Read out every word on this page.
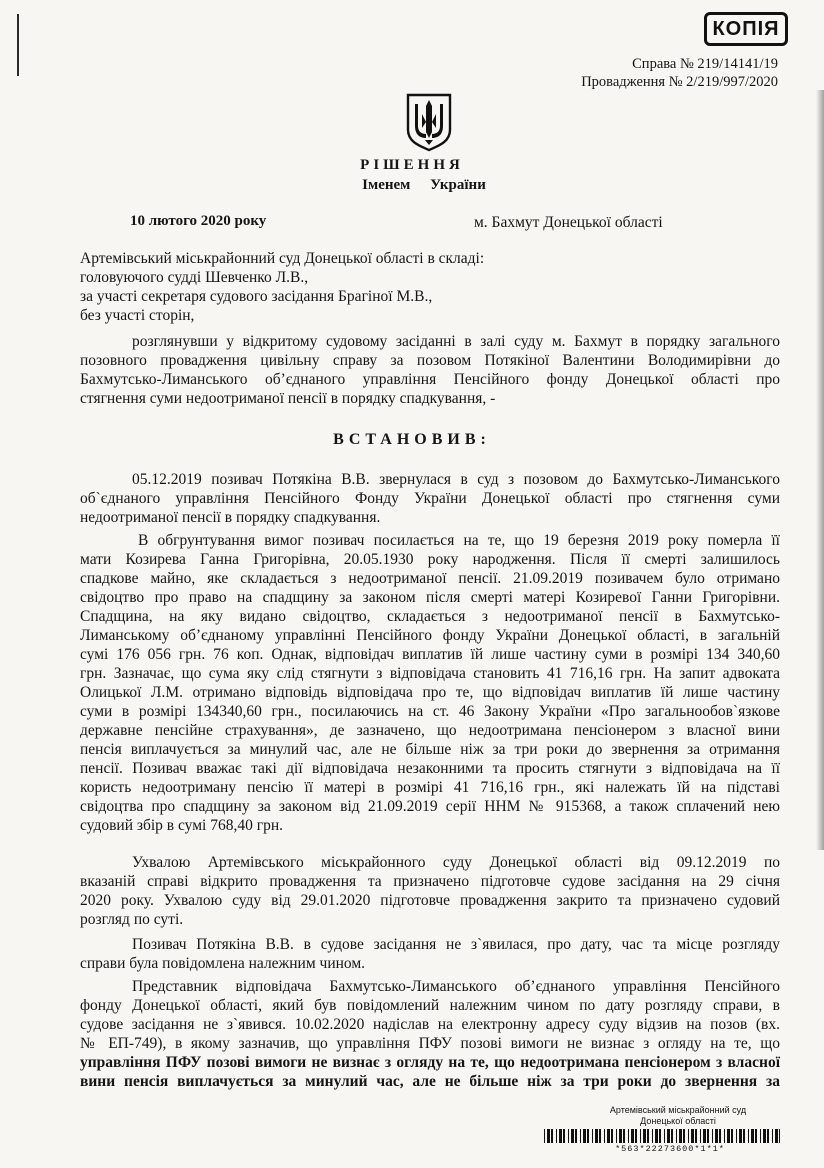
КОПІЯ
Справа № 219/14141/19
Провадження № 2/219/997/2020
РІШЕННЯ
Іменем України
10 лютого 2020 року	м. Бахмут Донецької області
Артемівський міськрайонний суд Донецької області в складі:
головуючого судді Шевченко Л.В.,
за участі секретаря судового засідання Брагіної М.В.,
без участі сторін,
розглянувши у відкритому судовому засіданні в залі суду м. Бахмут в порядку загального
позовного провадження цивільну справу за позовом Потякіної Валентини Володимирівни до
Бахмутсько-Лиманського об’єднаного управління Пенсійного фонду Донецької області про
стягнення суми недоотриманої пенсії в порядку спадкування, -
ВСТАНОВИВ:
05.12.2019 позивач Потякіна В.В. звернулася в суд з позовом до Бахмутсько-Лиманського
об`єднаного управління Пенсійного Фонду України Донецької області про стягнення суми
недоотриманої пенсії в порядку спадкування.
В обгрунтування вимог позивач посилається на те, що 19 березня 2019 року померла її
мати Козирева Ганна Григорівна, 20.05.1930 року народження. Після її смерті залишилось
спадкове майно, яке складається з недоотриманої пенсії. 21.09.2019 позивачем було отримано
свідоцтво про право на спадщину за законом після смерті матері Козиревої Ганни Григорівни.
Спадщина, на яку видано свідоцтво, складається з недоотриманої пенсії в Бахмутсько-
Лиманському об’єднаному управлінні Пенсійного фонду України Донецької області, в загальній
сумі 176 056 грн. 76 коп. Однак, відповідач виплатив їй лише частину суми в розмірі 134 340,60
грн. Зазначає, що сума яку слід стягнути з відповідача становить 41 716,16 грн. На запит адвоката
Олицької Л.М. отримано відповідь відповідача про те, що відповідач виплатив їй лише частину
суми в розмірі 134340,60 грн., посилаючись на ст. 46 Закону України «Про загальнообов`язкове
державне пенсійне страхування», де зазначено, що недоотримана пенсіонером з власної вини
пенсія виплачується за минулий час, але не більше ніж за три роки до звернення за отримання
пенсії. Позивач вважає такі дії відповідача незаконними та просить стягнути з відповідача на її
користь недоотриману пенсію її матері в розмірі 41 716,16 грн., які належать їй на підставі
свідоцтва про спадщину за законом від 21.09.2019 серії ННМ № 915368, а також сплачений нею
судовий збір в сумі 768,40 грн.
Ухвалою Артемівського міськрайонного суду Донецької області від 09.12.2019 по
вказаній справі відкрито провадження та призначено підготовче судове засідання на 29 січня
2020 року. Ухвалою суду від 29.01.2020 підготовче провадження закрито та призначено судовий
розгляд по суті.
Позивач Потякіна В.В. в судове засідання не з`явилася, про дату, час та місце розгляду
справи була повідомлена належним чином.
Представник відповідача Бахмутсько-Лиманського об’єднаного управління Пенсійного
фонду Донецької області, який був повідомлений належним чином по дату розгляду справи, в
судове засідання не з`явився. 10.02.2020 надіслав на електронну адресу суду відзив на позов (вх.
№ ЕП-749), в якому зазначив, що управління ПФУ позові вимоги не визнає з огляду на те, що
управління ПФУ позові вимоги не визнає з огляду на те, що недоотримана пенсіонером з власної
вини пенсія виплачується за минулий час, але не більше ніж за три роки до звернення за
Артемівський міськрайонний суд
Донецької області
*563*22273600*1*1*
